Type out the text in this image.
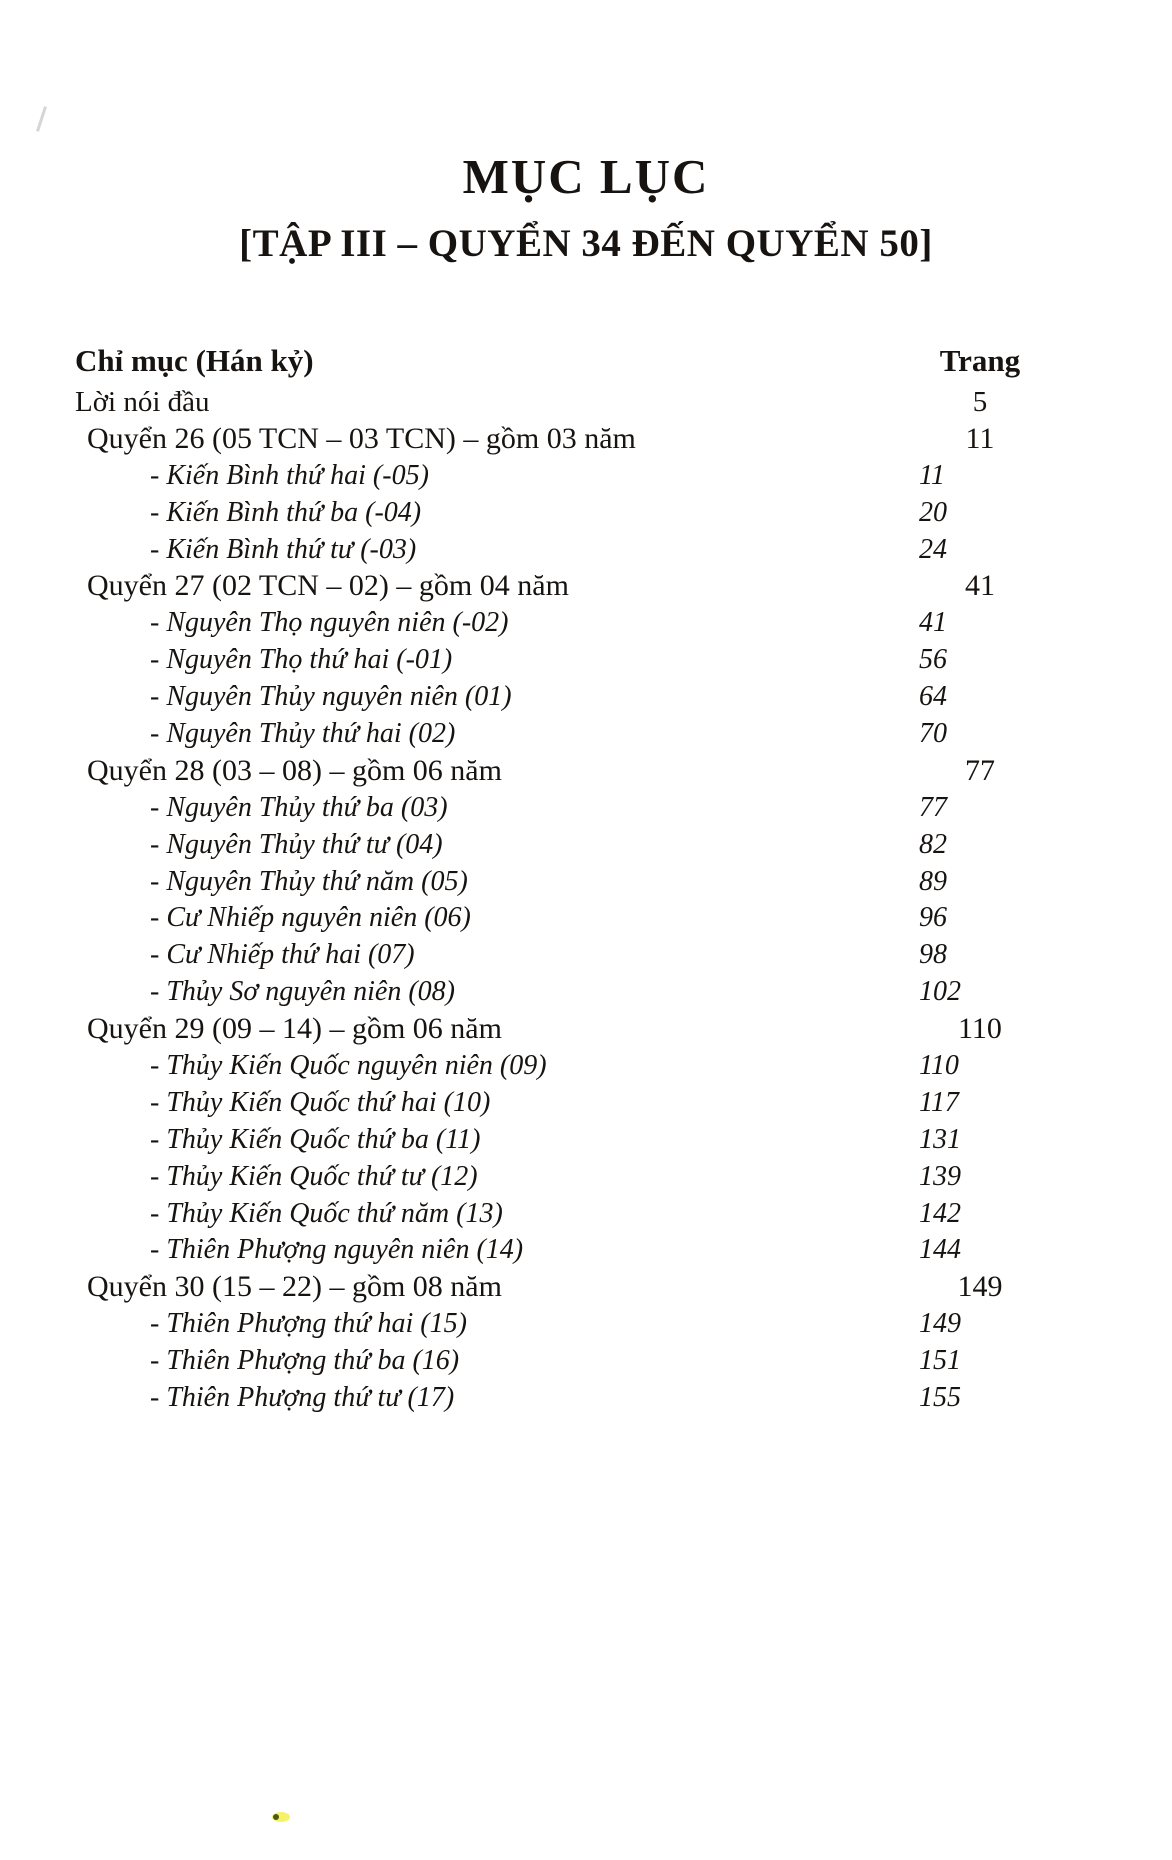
MỤC LỤC
[TẬP III – QUYỂN 34 ĐẾN QUYỂN 50]
Chỉ mục (Hán kỷ)	Trang
Lời nói đầu	5
Quyển 26 (05 TCN – 03 TCN) – gồm 03 năm	11
- Kiến Bình thứ hai (-05)	11
- Kiến Bình thứ ba (-04)	20
- Kiến Bình thứ tư (-03)	24
Quyển 27 (02 TCN – 02) – gồm 04 năm	41
- Nguyên Thọ nguyên niên (-02)	41
- Nguyên Thọ thứ hai (-01)	56
- Nguyên Thủy nguyên niên (01)	64
- Nguyên Thủy thứ hai (02)	70
Quyển 28 (03 – 08) – gồm 06 năm	77
- Nguyên Thủy thứ ba (03)	77
- Nguyên Thủy thứ tư (04)	82
- Nguyên Thủy thứ năm (05)	89
- Cư Nhiếp nguyên niên (06)	96
- Cư Nhiếp thứ hai (07)	98
- Thủy Sơ nguyên niên (08)	102
Quyển 29 (09 – 14) – gồm 06 năm	110
- Thủy Kiến Quốc nguyên niên (09)	110
- Thủy Kiến Quốc thứ hai (10)	117
- Thủy Kiến Quốc thứ ba (11)	131
- Thủy Kiến Quốc thứ tư (12)	139
- Thủy Kiến Quốc thứ năm (13)	142
- Thiên Phượng nguyên niên (14)	144
Quyển 30 (15 – 22) – gồm 08 năm	149
- Thiên Phượng thứ hai (15)	149
- Thiên Phượng thứ ba (16)	151
- Thiên Phượng thứ tư (17)	155
